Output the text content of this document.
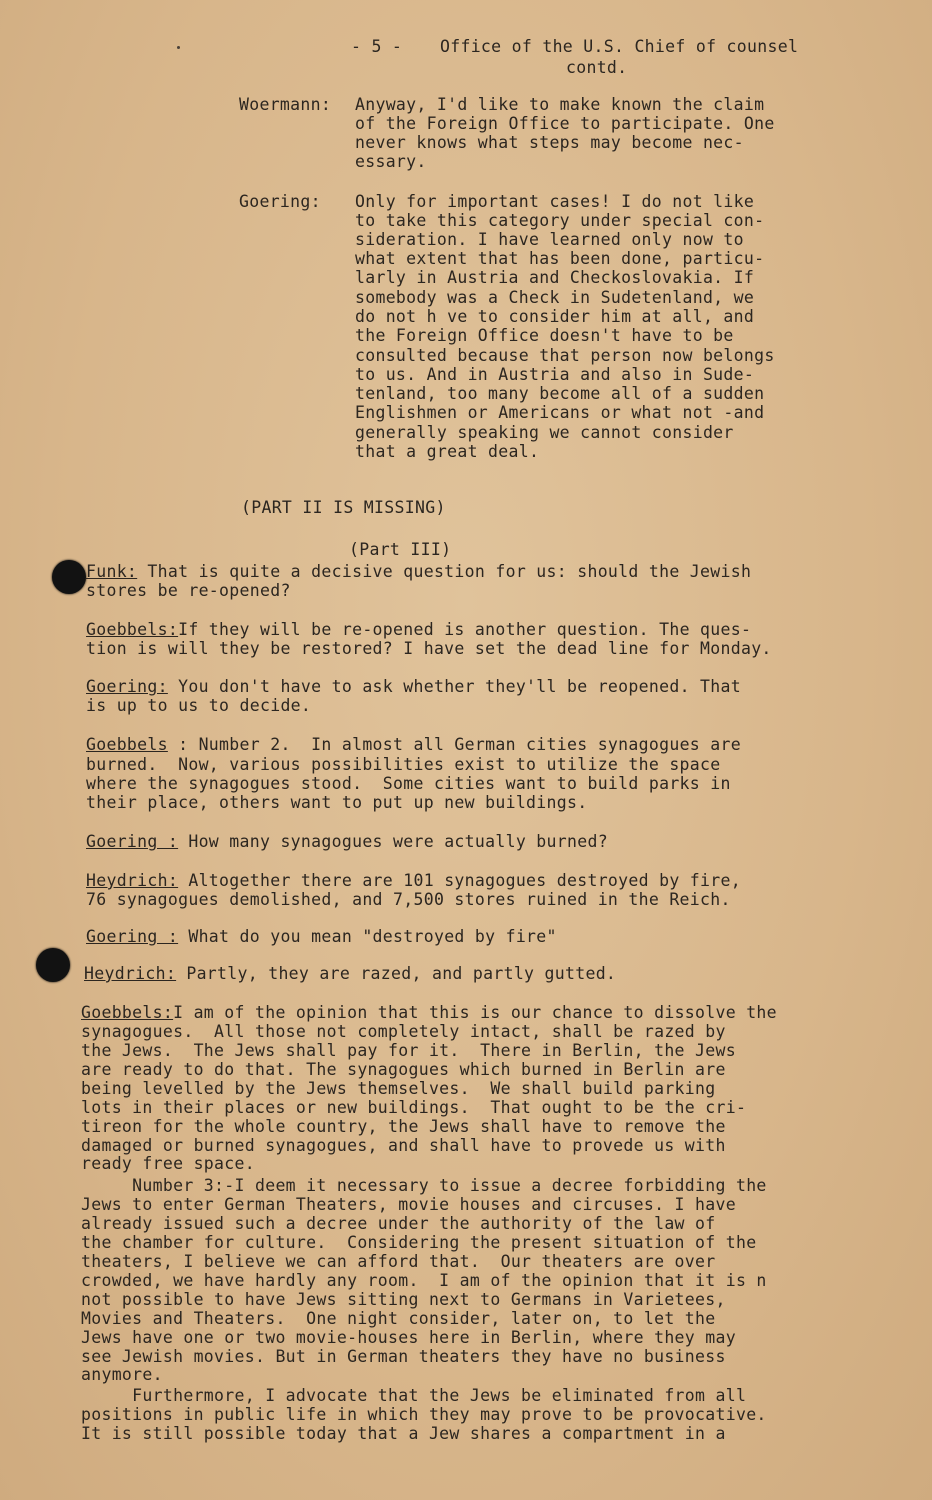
- 5 - Office of the U.S. Chief of counsel
contd.
Woermann: Anyway, I'd like to make known the claim
of the Foreign Office to participate. One
never knows what steps may become nec-
essary.
Goering: Only for important cases! I do not like
to take this category under special con-
sideration. I have learned only now to
what extent that has been done, particu-
larly in Austria and Checkoslovakia. If
somebody was a Check in Sudetenland, we
do not h ve to consider him at all, and
the Foreign Office doesn't have to be
consulted because that person now belongs
to us. And in Austria and also in Sude-
tenland, too many become all of a sudden
Englishmen or Americans or what not -and
generally speaking we cannot consider
that a great deal.
(PART II IS MISSING)
(Part III)
Funk: That is quite a decisive question for us: should the Jewish
stores be re-opened?
Goebbels:If they will be re-opened is another question. The ques-
tion is will they be restored? I have set the dead line for Monday.
Goering: You don't have to ask whether they'll be reopened. That
is up to us to decide.
Goebbels : Number 2.  In almost all German cities synagogues are
burned.  Now, various possibilities exist to utilize the space
where the synagogues stood.  Some cities want to build parks in
their place, others want to put up new buildings.
Goering : How many synagogues were actually burned?
Heydrich: Altogether there are 101 synagogues destroyed by fire,
76 synagogues demolished, and 7,500 stores ruined in the Reich.
Goering : What do you mean "destroyed by fire"
Heydrich: Partly, they are razed, and partly gutted.
Goebbels:I am of the opinion that this is our chance to dissolve the
synagogues.  All those not completely intact, shall be razed by
the Jews.  The Jews shall pay for it.  There in Berlin, the Jews
are ready to do that. The synagogues which burned in Berlin are
being levelled by the Jews themselves.  We shall build parking
lots in their places or new buildings.  That ought to be the cri-
tireon for the whole country, the Jews shall have to remove the
damaged or burned synagogues, and shall have to provede us with
ready free space.
Number 3:-I deem it necessary to issue a decree forbidding the
Jews to enter German Theaters, movie houses and circuses. I have
already issued such a decree under the authority of the law of
the chamber for culture.  Considering the present situation of the
theaters, I believe we can afford that.  Our theaters are over
crowded, we have hardly any room.  I am of the opinion that it is n
not possible to have Jews sitting next to Germans in Varietees,
Movies and Theaters.  One night consider, later on, to let the
Jews have one or two movie-houses here in Berlin, where they may
see Jewish movies. But in German theaters they have no business
anymore.
Furthermore, I advocate that the Jews be eliminated from all
positions in public life in which they may prove to be provocative.
It is still possible today that a Jew shares a compartment in a
